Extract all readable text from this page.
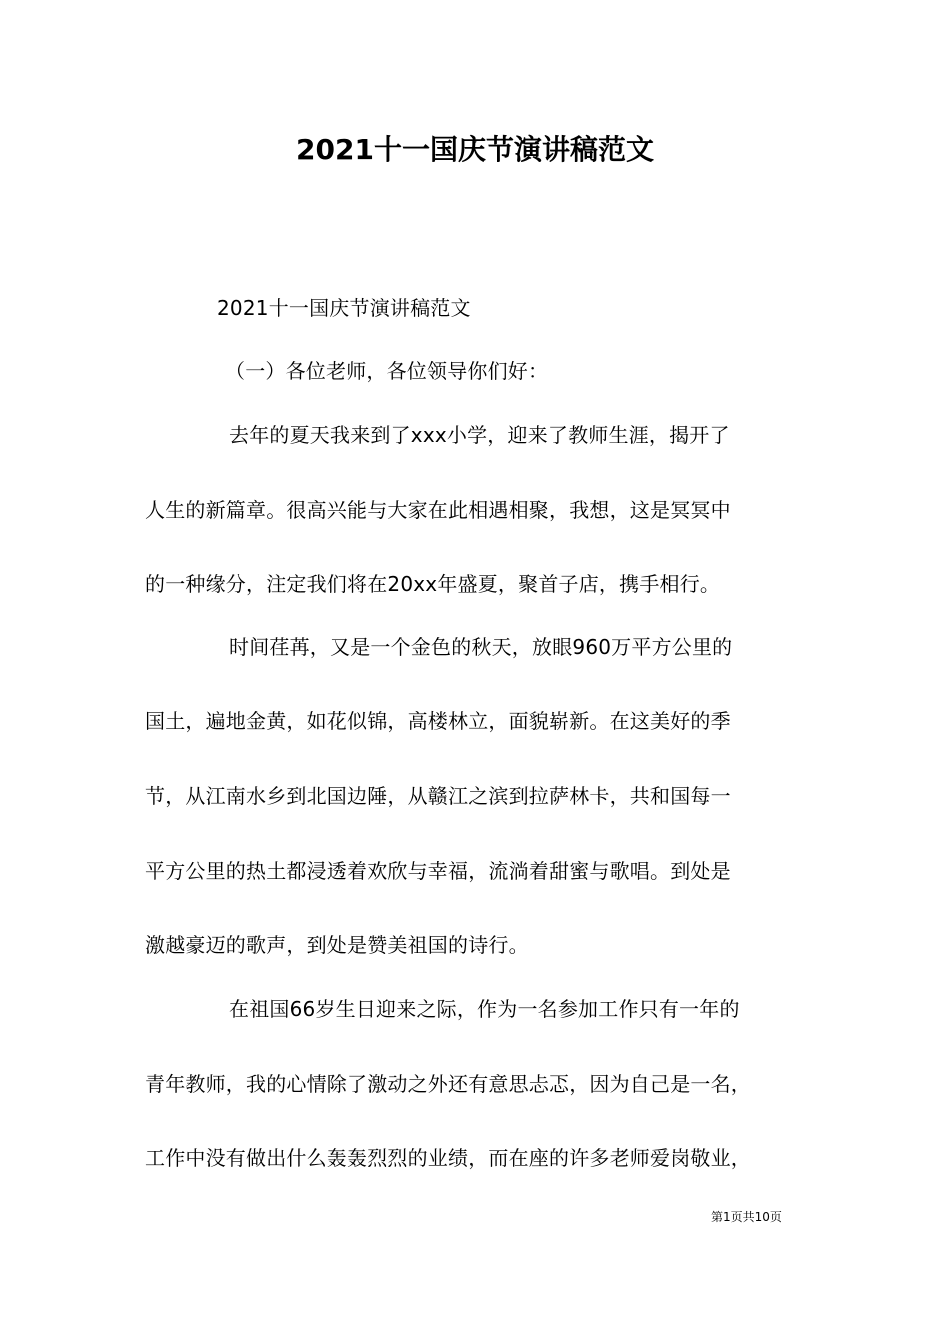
2021十一国庆节演讲稿范文
2021十一国庆节演讲稿范文
（一）各位老师，各位领导你们好：
去年的夏天我来到了xxx小学，迎来了教师生涯，揭开了
人生的新篇章。很高兴能与大家在此相遇相聚，我想，这是冥冥中
的一种缘分，注定我们将在20xx年盛夏，聚首子店，携手相行。
时间荏苒，又是一个金色的秋天，放眼960万平方公里的
国土，遍地金黄，如花似锦，高楼林立，面貌崭新。在这美好的季
节，从江南水乡到北国边陲，从赣江之滨到拉萨林卡，共和国每一
平方公里的热土都浸透着欢欣与幸福，流淌着甜蜜与歌唱。到处是
激越豪迈的歌声，到处是赞美祖国的诗行。
在祖国66岁生日迎来之际，作为一名参加工作只有一年的
青年教师，我的心情除了激动之外还有意思忐忑，因为自己是一名，
工作中没有做出什么轰轰烈烈的业绩，而在座的许多老师爱岗敬业，
第1页共10页
